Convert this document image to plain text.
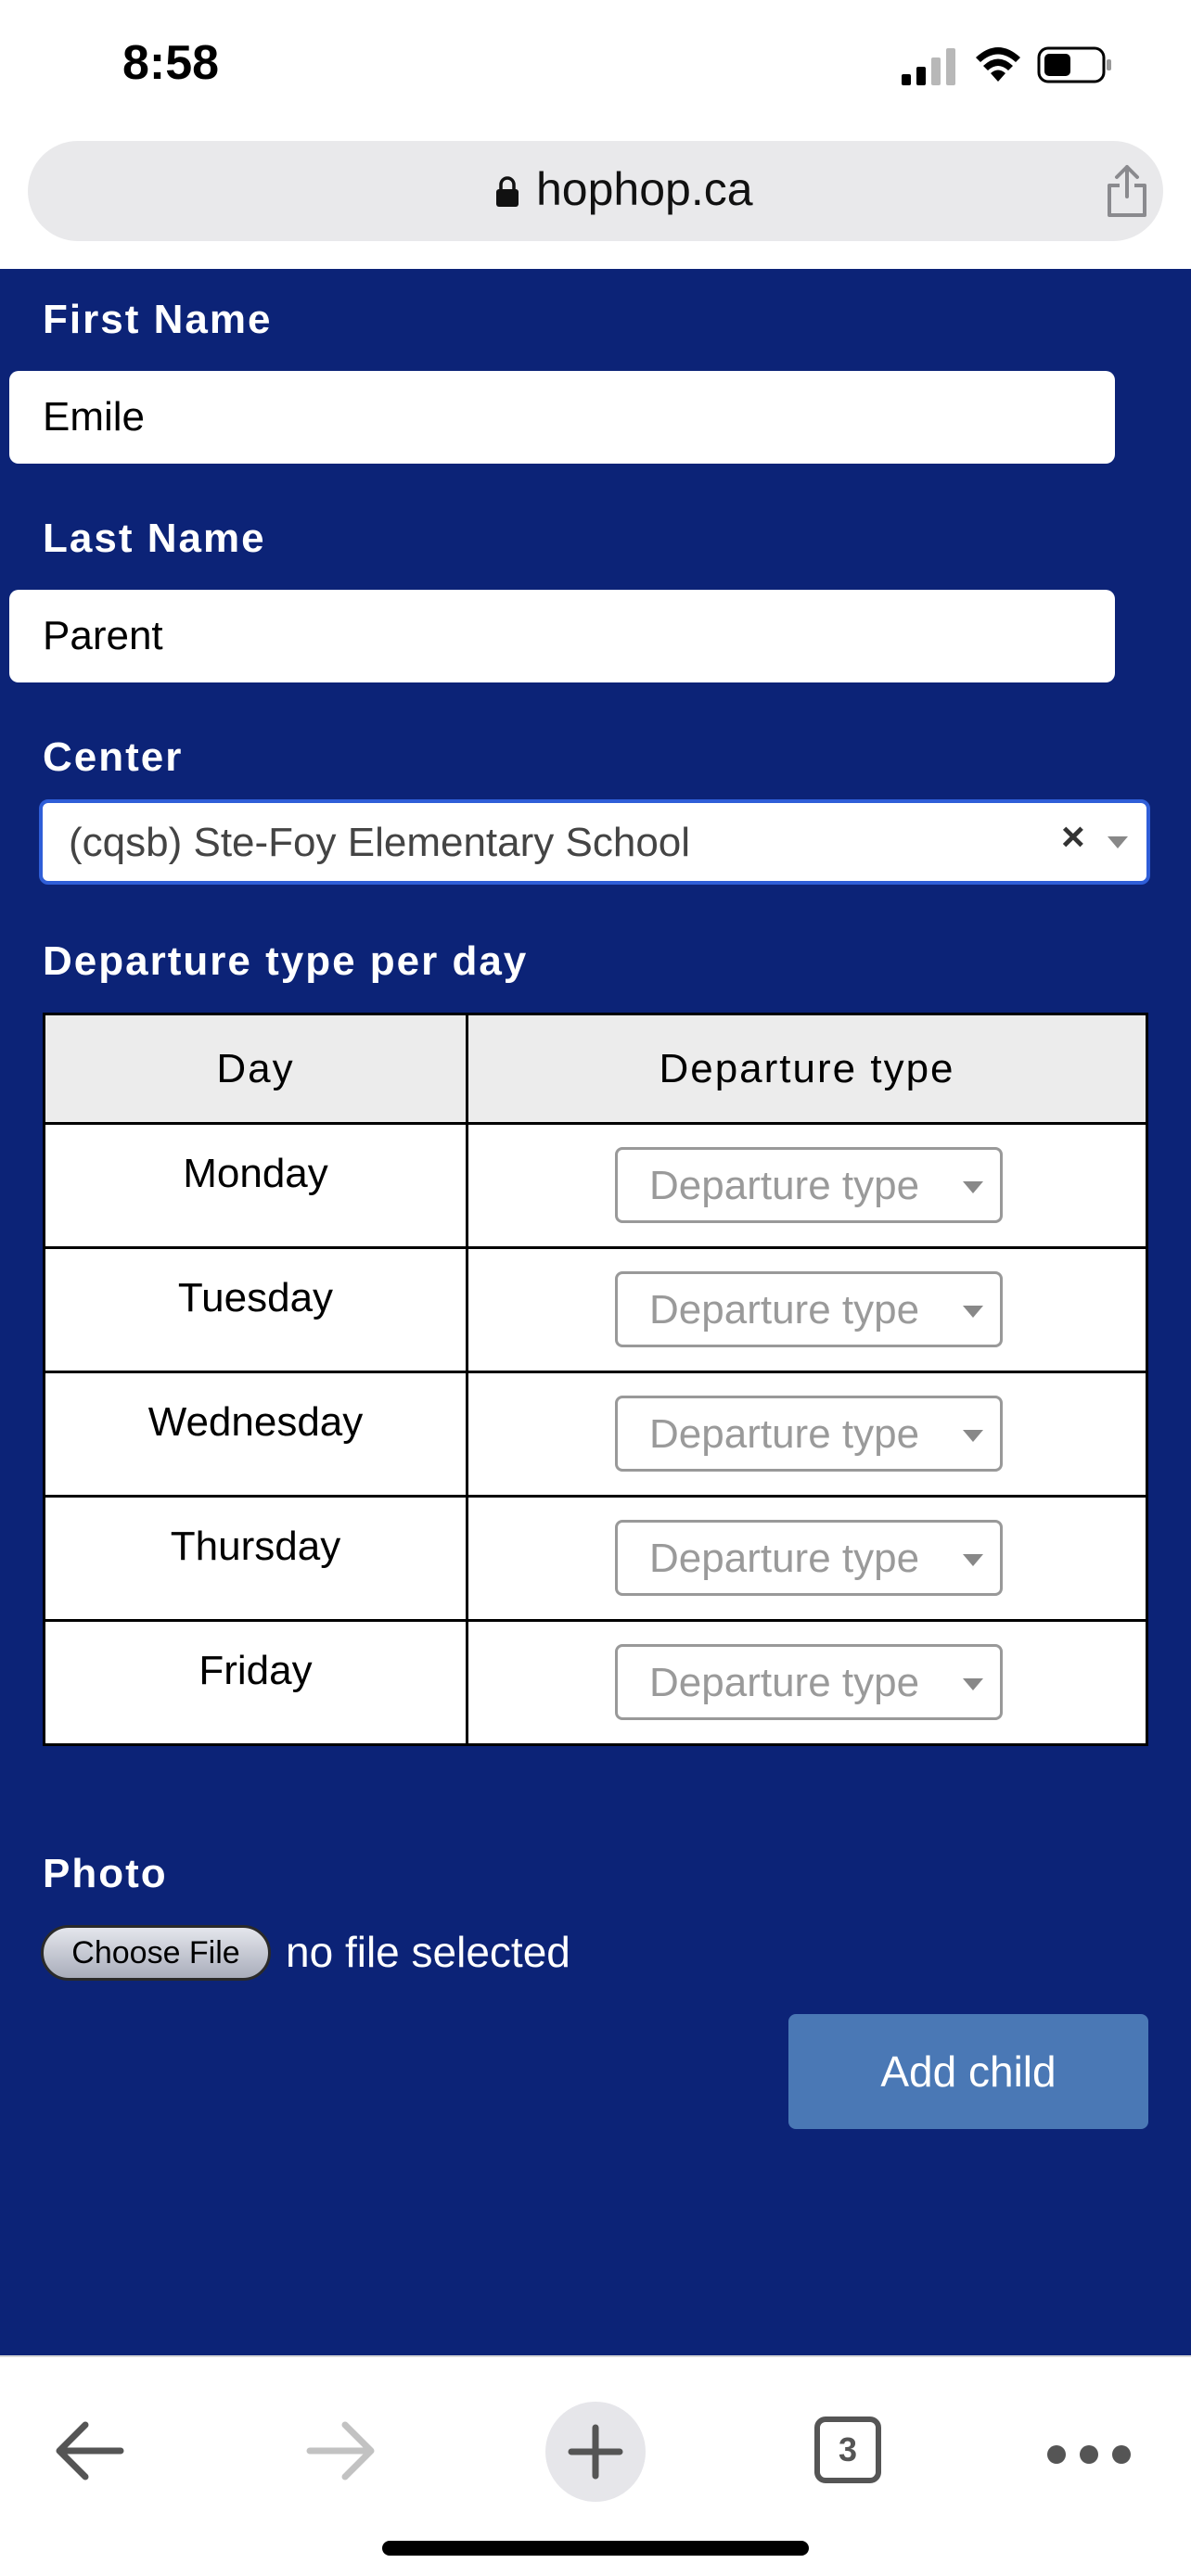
8:58
hophop.ca
First Name
Emile
Last Name
Parent
Center
(cqsb) Ste-Foy Elementary School	×
Departure type per day
Day	Departure type
Monday	Departure type

Tuesday	Departure type

Wednesday	Departure type

Thursday	Departure type

Friday	Departure type
Photo
Choose File	no file selected
Add child
3
